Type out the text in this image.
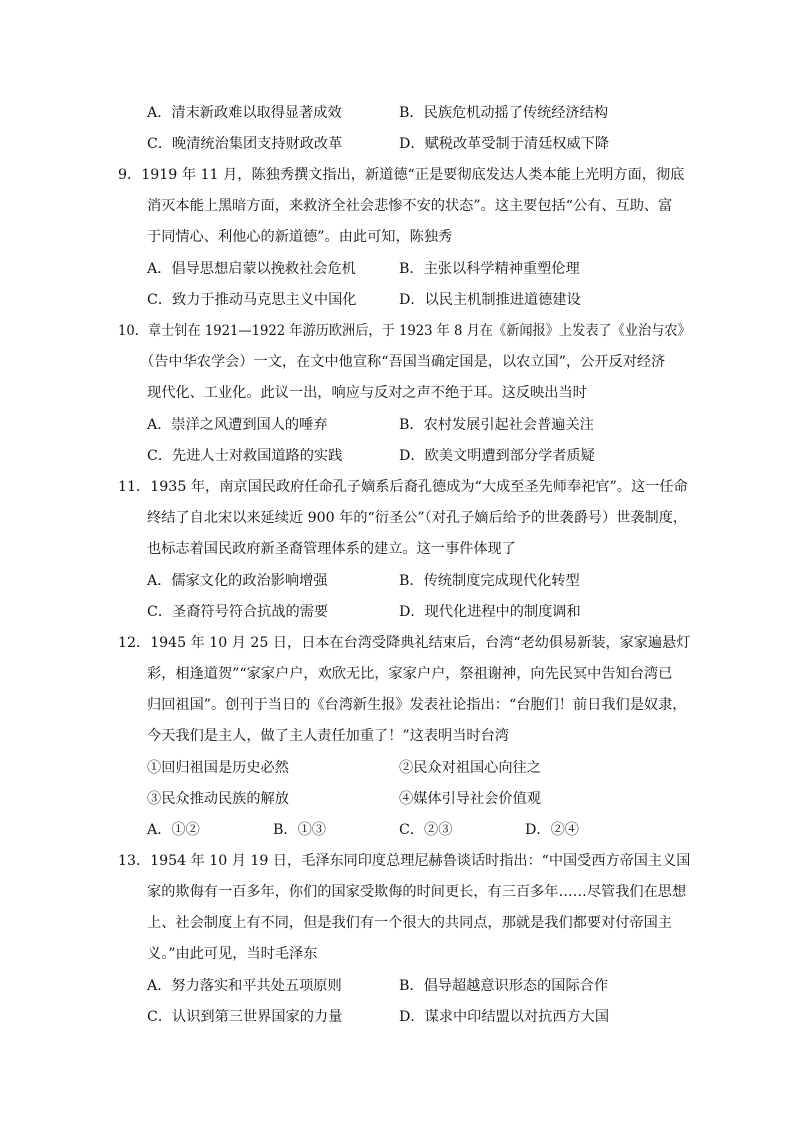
A．清末新政难以取得显著成效	B．民族危机动摇了传统经济结构
C．晚清统治集团支持财政改革	D．赋税改革受制于清廷权威下降
9．1919 年 11 月，陈独秀撰文指出，新道德“正是要彻底发达人类本能上光明方面，彻底
消灭本能上黑暗方面，来救济全社会悲惨不安的状态”。这主要包括“公有、互助、富
于同情心、利他心的新道德”。由此可知，陈独秀
A．倡导思想启蒙以挽救社会危机	B．主张以科学精神重塑伦理
C．致力于推动马克思主义中国化	D．以民主机制推进道德建设
10．章士钊在 1921—1922 年游历欧洲后，于 1923 年 8 月在《新闻报》上发表了《业治与农》
（告中华农学会）一文，在文中他宣称“吾国当确定国是，以农立国”，公开反对经济
现代化、工业化。此议一出，响应与反对之声不绝于耳。这反映出当时
A．崇洋之风遭到国人的唾弃	B．农村发展引起社会普遍关注
C．先进人士对救国道路的实践	D．欧美文明遭到部分学者质疑
11．1935 年，南京国民政府任命孔子嫡系后裔孔德成为“大成至圣先师奉祀官”。这一任命
终结了自北宋以来延续近 900 年的“衍圣公”（对孔子嫡后给予的世袭爵号）世袭制度，
也标志着国民政府新圣裔管理体系的建立。这一事件体现了
A．儒家文化的政治影响增强	B．传统制度完成现代化转型
C．圣裔符号符合抗战的需要	D．现代化进程中的制度调和
12．1945 年 10 月 25 日，日本在台湾受降典礼结束后，台湾“老幼俱易新装，家家遍悬灯
彩，相逢道贺”“家家户户，欢欣无比，家家户户，祭祖谢神，向先民冥中告知台湾已
归回祖国”。创刊于当日的《台湾新生报》发表社论指出：“台胞们！前日我们是奴隶，
今天我们是主人，做了主人责任加重了！”这表明当时台湾
①回归祖国是历史必然	②民众对祖国心向往之
③民众推动民族的解放	④媒体引导社会价值观
A．①②	B．①③	C．②③	D．②④
13．1954 年 10 月 19 日，毛泽东同印度总理尼赫鲁谈话时指出：“中国受西方帝国主义国
家的欺侮有一百多年，你们的国家受欺侮的时间更长，有三百多年……尽管我们在思想
上、社会制度上有不同，但是我们有一个很大的共同点，那就是我们都要对付帝国主
义。”由此可见，当时毛泽东
A．努力落实和平共处五项原则	B．倡导超越意识形态的国际合作
C．认识到第三世界国家的力量	D．谋求中印结盟以对抗西方大国
